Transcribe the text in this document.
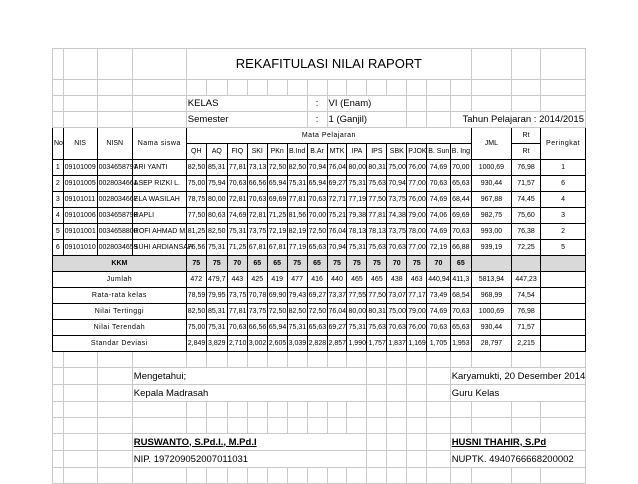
				REKAFITULASI NILAI RAPORT																

				KELAS						:	VI (Enam)									
				Semester						:	1 (Ganjil)						Tahun Pelajaran : 2014/2015			
No	NIS	NISN	Nama siswa	Mata Pelajaran														JML	Rt	Peringkat
				QH	AQ	FIQ	SKI	PKn	B.Ind	B.Ar	MTK	IPA	IPS	SBK	PJOK	B. Sun	B. Ing		Rt	
1	09101009	0034658797	ARI YANTI	82,50	85,31	77,81	73,13	72,50	82,50	70,94	76,04	80,00	80,31	75,00	76,00	74,69	70,00	1000,69	76,98	1
2	09101005	0028034661	ASEP RIZKI L.	75,00	75,94	70,63	66,56	65,94	75,31	65,94	69,27	75,31	75,63	70,94	77,00	70,63	65,63	930,44	71,57	6
3	09101011	0028034667	ELA WASILAH	78,75	80,00	72,81	70,63	69,69	77,81	70,63	72,71	77,19	77,50	73,75	76,00	74,69	68,44	967,88	74,45	4
4	09101006	0034658798	RAPLI	77,50	80,63	74,69	72,81	71,25	81,56	70,00	75,21	79,38	77,81	74,38	79,00	74,06	69,69	982,75	75,60	3
5	09101001	0034658800	ROFI AHMAD M.	81,25	82,50	75,31	73,75	72,19	82,19	72,50	76,04	78,13	78,13	73,75	78,00	74,69	70,63	993,00	76,38	2
6	09101010	0028034659	SUHI ARDIANSAH	76,56	75,31	71,25	67,81	67,81	77,19	65,63	70,94	75,31	75,63	70,63	77,00	72,19	66,88	939,19	72,25	5
KKM				75	75	70	65	65	75	65	75	75	75	70	75	70	65			
Jumlah				472	479,7	443	425	419	477	416	440	465	465	438	463	440,94	411,3	5813,94	447,23	
Rata-rata kelas				78,59	79,95	73,75	70,78	69,90	79,43	69,27	73,37	77,55	77,50	73,07	77,17	73,49	68,54	968,99	74,54	
Nilai Tertinggi				82,50	85,31	77,81	73,75	72,50	82,50	72,50	76,04	80,00	80,31	75,00	79,00	74,69	70,63	1000,69	76,98	
Nilai Terendah				75,00	75,31	70,63	66,56	65,94	75,31	65,63	69,27	75,31	75,63	70,63	76,00	70,63	65,63	930,44	71,57	
Standar Deviasi				2,849	3,829	2,710	3,002	2,605	3,039	2,828	2,857	1,990	1,757	1,837	1,169	1,705	1,953	28,797	2,215	

			Mengetahui;														Karyamukti, 20 Desember 2014			
			Kepala Madrasah														Guru Kelas			

			RUSWANTO, S.Pd.I., M.Pd.I														HUSNI THAHIR, S.Pd			
			NIP. 197209052007011031														NUPTK. 4940766668200002			
